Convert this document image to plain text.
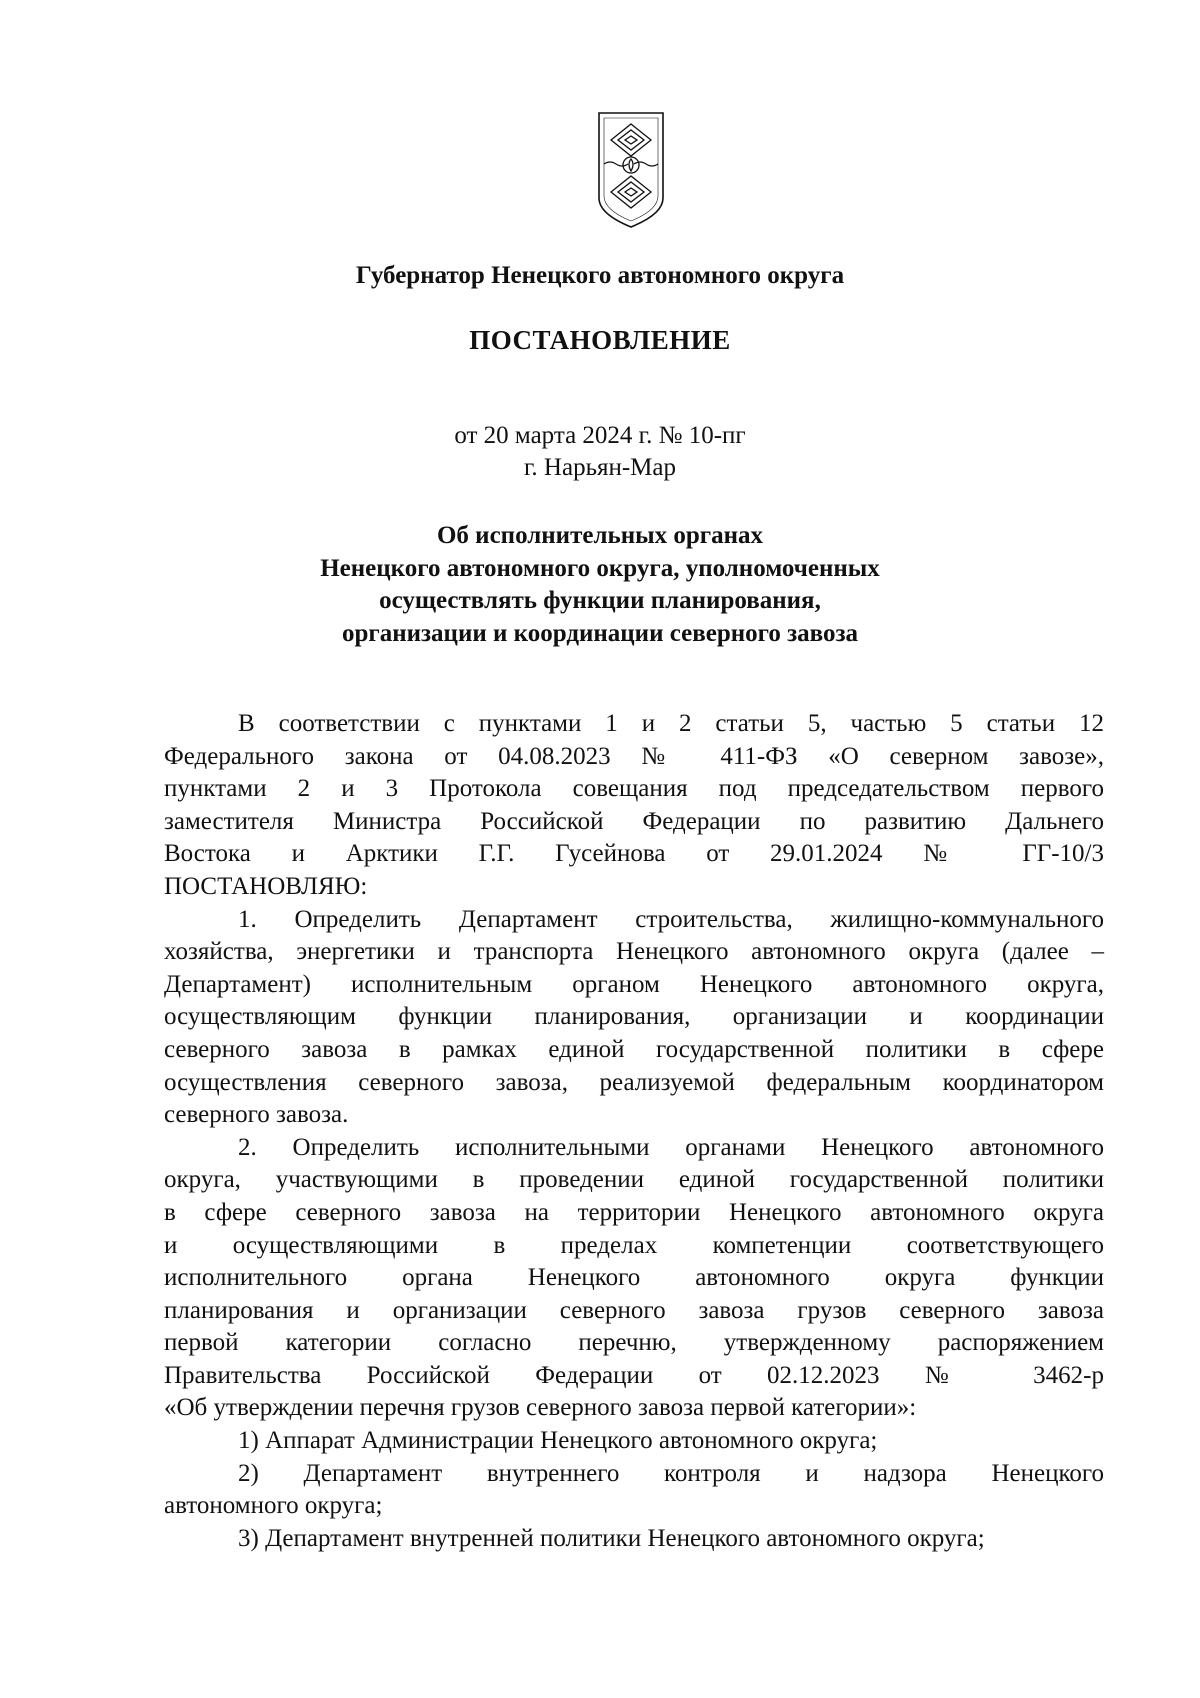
Губернатор Ненецкого автономного округа
ПОСТАНОВЛЕНИЕ
от 20 марта 2024 г. № 10-пг
г. Нарьян-Мар
Об исполнительных органах
Ненецкого автономного округа, уполномоченных
осуществлять функции планирования,
организации и координации северного завоза
В соответствии с пунктами 1 и 2 статьи 5, частью 5 статьи 12
Федерального закона от 04.08.2023 № 411-ФЗ «О северном завозе»,
пунктами 2 и 3 Протокола совещания под председательством первого
заместителя Министра Российской Федерации по развитию Дальнего
Востока и Арктики Г.Г. Гусейнова от 29.01.2024 № ГГ-10/3
ПОСТАНОВЛЯЮ:
1. Определить Департамент строительства, жилищно-коммунального
хозяйства, энергетики и транспорта Ненецкого автономного округа (далее –
Департамент) исполнительным органом Ненецкого автономного округа,
осуществляющим функции планирования, организации и координации
северного завоза в рамках единой государственной политики в сфере
осуществления северного завоза, реализуемой федеральным координатором
северного завоза.
2. Определить исполнительными органами Ненецкого автономного
округа, участвующими в проведении единой государственной политики
в сфере северного завоза на территории Ненецкого автономного округа
и осуществляющими в пределах компетенции соответствующего
исполнительного органа Ненецкого автономного округа функции
планирования и организации северного завоза грузов северного завоза
первой категории согласно перечню, утвержденному распоряжением
Правительства Российской Федерации от 02.12.2023 № 3462-р
«Об утверждении перечня грузов северного завоза первой категории»:
1) Аппарат Администрации Ненецкого автономного округа;
2) Департамент внутреннего контроля и надзора Ненецкого
автономного округа;
3) Департамент внутренней политики Ненецкого автономного округа;
